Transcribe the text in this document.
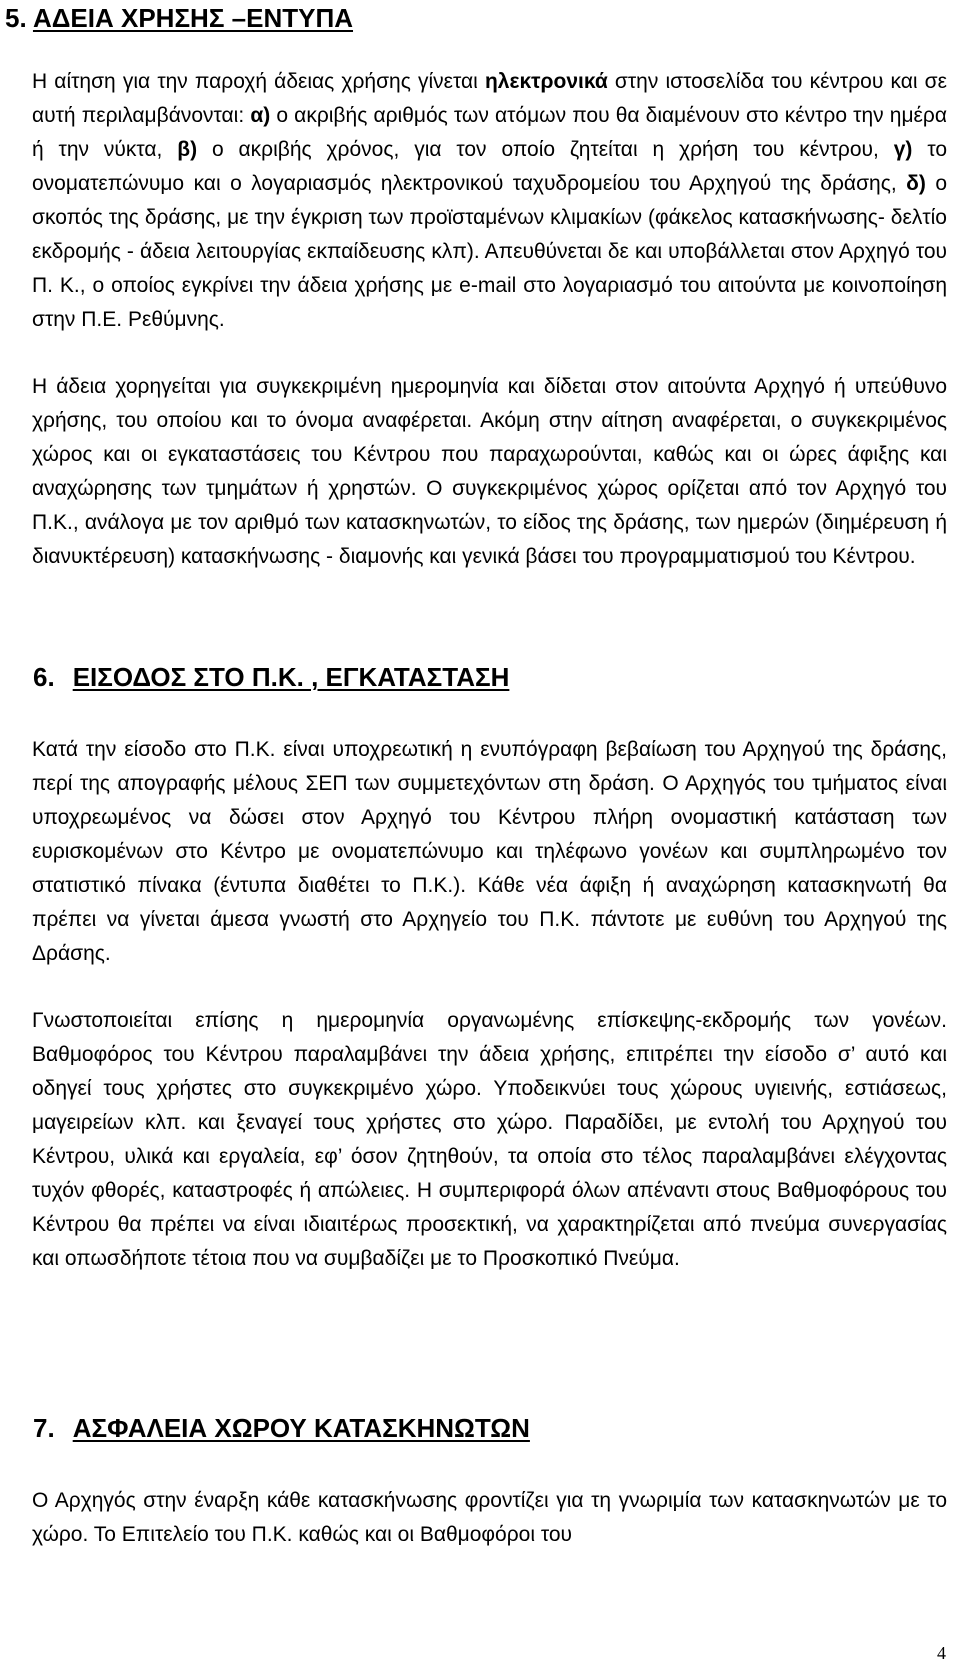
5. ΑΔΕΙΑ ΧΡΗΣΗΣ –ΕΝΤΥΠΑ

Η αίτηση για την παροχή άδειας χρήσης γίνεται ηλεκτρονικά στην ιστοσελίδα του κέντρου και σε αυτή περιλαμβάνονται: α) ο ακριβής αριθμός των ατόμων που θα διαμένουν στο κέντρο την ημέρα ή την νύκτα, β) ο ακριβής χρόνος, για τον οποίο ζητείται η χρήση του κέντρου, γ) το ονοματεπώνυμο και ο λογαριασμός ηλεκτρονικού ταχυδρομείου του Αρχηγού της δράσης, δ) ο σκοπός της δράσης, με την έγκριση των προϊσταμένων κλιμακίων (φάκελος κατασκήνωσης- δελτίο εκδρομής - άδεια λειτουργίας εκπαίδευσης κλπ). Απευθύνεται δε και υποβάλλεται στον Αρχηγό του Π. Κ., ο οποίος εγκρίνει την άδεια χρήσης με e-mail στο λογαριασμό του αιτούντα με κοινοποίηση στην Π.Ε. Ρεθύμνης.

Η άδεια χορηγείται για συγκεκριμένη ημερομηνία και δίδεται στον αιτούντα Αρχηγό ή υπεύθυνο χρήσης, του οποίου και το όνομα αναφέρεται. Ακόμη στην αίτηση αναφέρεται, ο συγκεκριμένος χώρος και οι εγκαταστάσεις του Κέντρου που παραχωρούνται, καθώς και οι ώρες άφιξης και αναχώρησης των τμημάτων ή χρηστών. Ο συγκεκριμένος χώρος ορίζεται από τον Αρχηγό του Π.Κ., ανάλογα με τον αριθμό των κατασκηνωτών, το είδος της δράσης, των ημερών (διημέρευση ή διανυκτέρευση) κατασκήνωσης - διαμονής και γενικά βάσει του προγραμματισμού του Κέντρου.

6. ΕΙΣΟΔΟΣ ΣΤΟ Π.Κ. , ΕΓΚΑΤΑΣΤΑΣΗ

Κατά την είσοδο στο Π.Κ. είναι υποχρεωτική η ενυπόγραφη βεβαίωση του Αρχηγού της δράσης, περί της απογραφής μέλους ΣΕΠ των συμμετεχόντων στη δράση. Ο Αρχηγός του τμήματος είναι υποχρεωμένος να δώσει στον Αρχηγό του Κέντρου πλήρη ονομαστική κατάσταση των ευρισκομένων στο Κέντρο με ονοματεπώνυμο και τηλέφωνο γονέων και συμπληρωμένο τον στατιστικό πίνακα (έντυπα διαθέτει το Π.Κ.). Κάθε νέα άφιξη ή αναχώρηση κατασκηνωτή θα πρέπει να γίνεται άμεσα γνωστή στο Αρχηγείο του Π.Κ. πάντοτε με ευθύνη του Αρχηγού της Δράσης.

Γνωστοποιείται επίσης η ημερομηνία οργανωμένης επίσκεψης-εκδρομής των γονέων. Βαθμοφόρος του Κέντρου παραλαμβάνει την άδεια χρήσης, επιτρέπει την είσοδο σ’ αυτό και οδηγεί τους χρήστες στο συγκεκριμένο χώρο. Υποδεικνύει τους χώρους υγιεινής, εστιάσεως, μαγειρείων κλπ. και ξεναγεί τους χρήστες στο χώρο. Παραδίδει, με εντολή του Αρχηγού του Κέντρου, υλικά και εργαλεία, εφ’ όσον ζητηθούν, τα οποία στο τέλος παραλαμβάνει ελέγχοντας τυχόν φθορές, καταστροφές ή απώλειες. Η συμπεριφορά όλων απέναντι στους Βαθμοφόρους του Κέντρου θα πρέπει να είναι ιδιαιτέρως προσεκτική, να χαρακτηρίζεται από πνεύμα συνεργασίας και οπωσδήποτε τέτοια που να συμβαδίζει με το Προσκοπικό Πνεύμα.

7. ΑΣΦΑΛΕΙΑ ΧΩΡΟΥ ΚΑΤΑΣΚΗΝΩΤΩΝ

Ο Αρχηγός στην έναρξη κάθε κατασκήνωσης φροντίζει για τη γνωριμία των κατασκηνωτών με το χώρο. Το Επιτελείο του Π.Κ. καθώς και οι Βαθμοφόροι του

4
